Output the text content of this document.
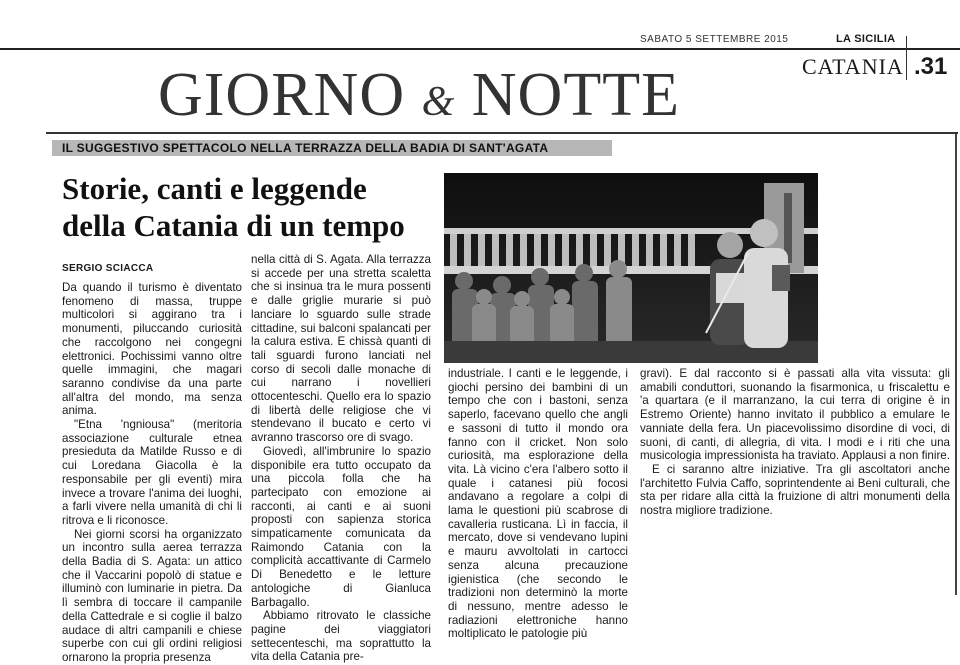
SABATO 5 SETTEMBRE 2015	LA SICILIA
CATANIA .31
GIORNO & NOTTE
IL SUGGESTIVO SPETTACOLO NELLA TERRAZZA DELLA BADIA DI SANT'AGATA
Storie, canti e leggende
della Catania di un tempo
SERGIO SCIACCA

Da quando il turismo è diventato fenomeno di massa, truppe multicolori si aggirano tra i monumenti, piluccando curiosità che raccolgono nei congegni elettronici. Pochissimi vanno oltre quelle immagini, che magari saranno condivise da una parte all'altra del mondo, ma senza anima.

"Etna 'ngniousa" (meritoria associazione culturale etnea presieduta da Matilde Russo e di cui Loredana Giacolla è la responsabile per gli eventi) mira invece a trovare l'anima dei luoghi, a farli vivere nella umanità di chi li ritrova e li riconosce.

Nei giorni scorsi ha organizzato un incontro sulla aerea terrazza della Badia di S. Agata: un attico che il Vaccarini popolò di statue e illuminò con luminarie in pietra. Da lì sembra di toccare il campanile della Cattedrale e si coglie il balzo audace di altri campanili e chiese superbe con cui gli ordini religiosi ornarono la propria presenza

nella città di S. Agata. Alla terrazza si accede per una stretta scaletta che si insinua tra le mura possenti e dalle griglie murarie si può lanciare lo sguardo sulle strade cittadine, sui balconi spalancati per la calura estiva. E chissà quanti di tali sguardi furono lanciati nel corso di secoli dalle monache di cui narrano i novellieri ottocenteschi. Quello era lo spazio di libertà delle religiose che vi stendevano il bucato e certo vi avranno trascorso ore di svago.

Giovedì, all'imbrunire lo spazio disponibile era tutto occupato da una piccola folla che ha partecipato con emozione ai racconti, ai canti e ai suoni proposti con sapienza storica simpaticamente comunicata da Raimondo Catania con la complicità accattivante di Carmelo Di Benedetto e le letture antologiche di Gianluca Barbagallo.

Abbiamo ritrovato le classiche pagine dei viaggiatori settecenteschi, ma soprattutto la vita della Catania pre-

industriale. I canti e le leggende, i giochi persino dei bambini di un tempo che con i bastoni, senza saperlo, facevano quello che angli e sassoni di tutto il mondo ora fanno con il cricket. Non solo curiosità, ma esplorazione della vita. Là vicino c'era l'albero sotto il quale i catanesi più focosi andavano a regolare a colpi di lama le questioni più scabrose di cavalleria rusticana. Lì in faccia, il mercato, dove si vendevano lupini e mauru avvoltolati in cartocci senza alcuna precauzione igienistica (che secondo le tradizioni non determinò la morte di nessuno, mentre adesso le radiazioni elettroniche hanno moltiplicato le patologie più

gravi). E dal racconto si è passati alla vita vissuta: gli amabili conduttori, suonando la fisarmonica, u friscalettu e 'a quartara (e il marranzano, la cui terra di origine è in Estremo Oriente) hanno invitato il pubblico a emulare le vanniate della fera. Un piacevolissimo disordine di voci, di suoni, di canti, di allegria, di vita. I modi e i riti che una musicologia impressionista ha traviato. Applausi a non finire.

E ci saranno altre iniziative. Tra gli ascoltatori anche l'architetto Fulvia Caffo, soprintendente ai Beni culturali, che sta per ridare alla città la fruizione di altri monumenti della nostra migliore tradizione.
